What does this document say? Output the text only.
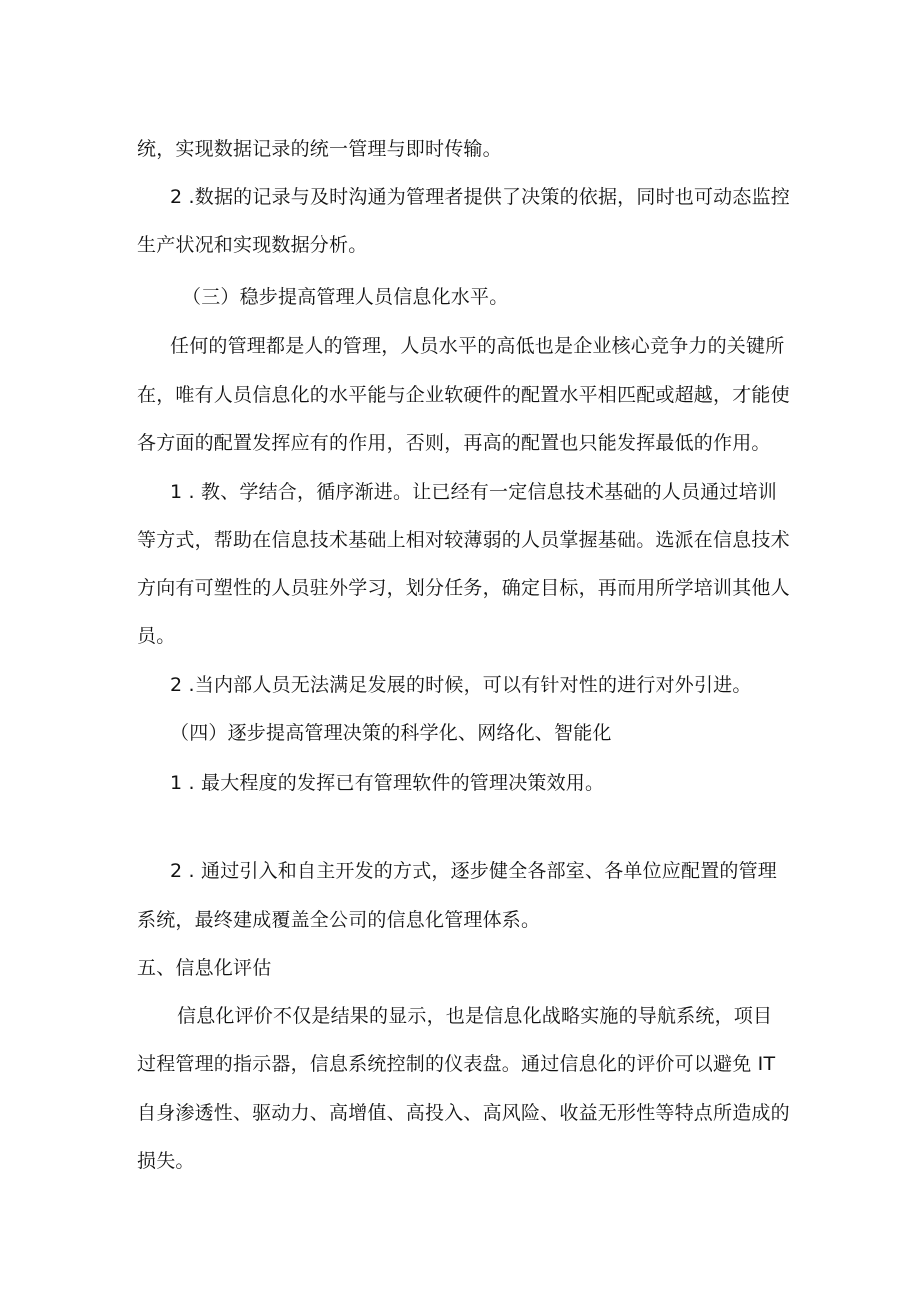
统，实现数据记录的统一管理与即时传输。
2 .数据的记录与及时沟通为管理者提供了决策的依据，同时也可动态监控
生产状况和实现数据分析。
（三）稳步提高管理人员信息化水平。
任何的管理都是人的管理，人员水平的高低也是企业核心竞争力的关键所
在，唯有人员信息化的水平能与企业软硬件的配置水平相匹配或超越，才能使
各方面的配置发挥应有的作用，否则，再高的配置也只能发挥最低的作用。
1 . 教、学结合，循序渐进。让已经有一定信息技术基础的人员通过培训
等方式，帮助在信息技术基础上相对较薄弱的人员掌握基础。选派在信息技术
方向有可塑性的人员驻外学习，划分任务，确定目标，再而用所学培训其他人
员。
2 .当内部人员无法满足发展的时候，可以有针对性的进行对外引进。
（四）逐步提高管理决策的科学化、网络化、智能化
1 . 最大程度的发挥已有管理软件的管理决策效用。
2 . 通过引入和自主开发的方式，逐步健全各部室、各单位应配置的管理
系统，最终建成覆盖全公司的信息化管理体系。
五、信息化评估
信息化评价不仅是结果的显示，也是信息化战略实施的导航系统，项目
过程管理的指示器，信息系统控制的仪表盘。通过信息化的评价可以避免 IT
自身渗透性、驱动力、高增值、高投入、高风险、收益无形性等特点所造成的
损失。
